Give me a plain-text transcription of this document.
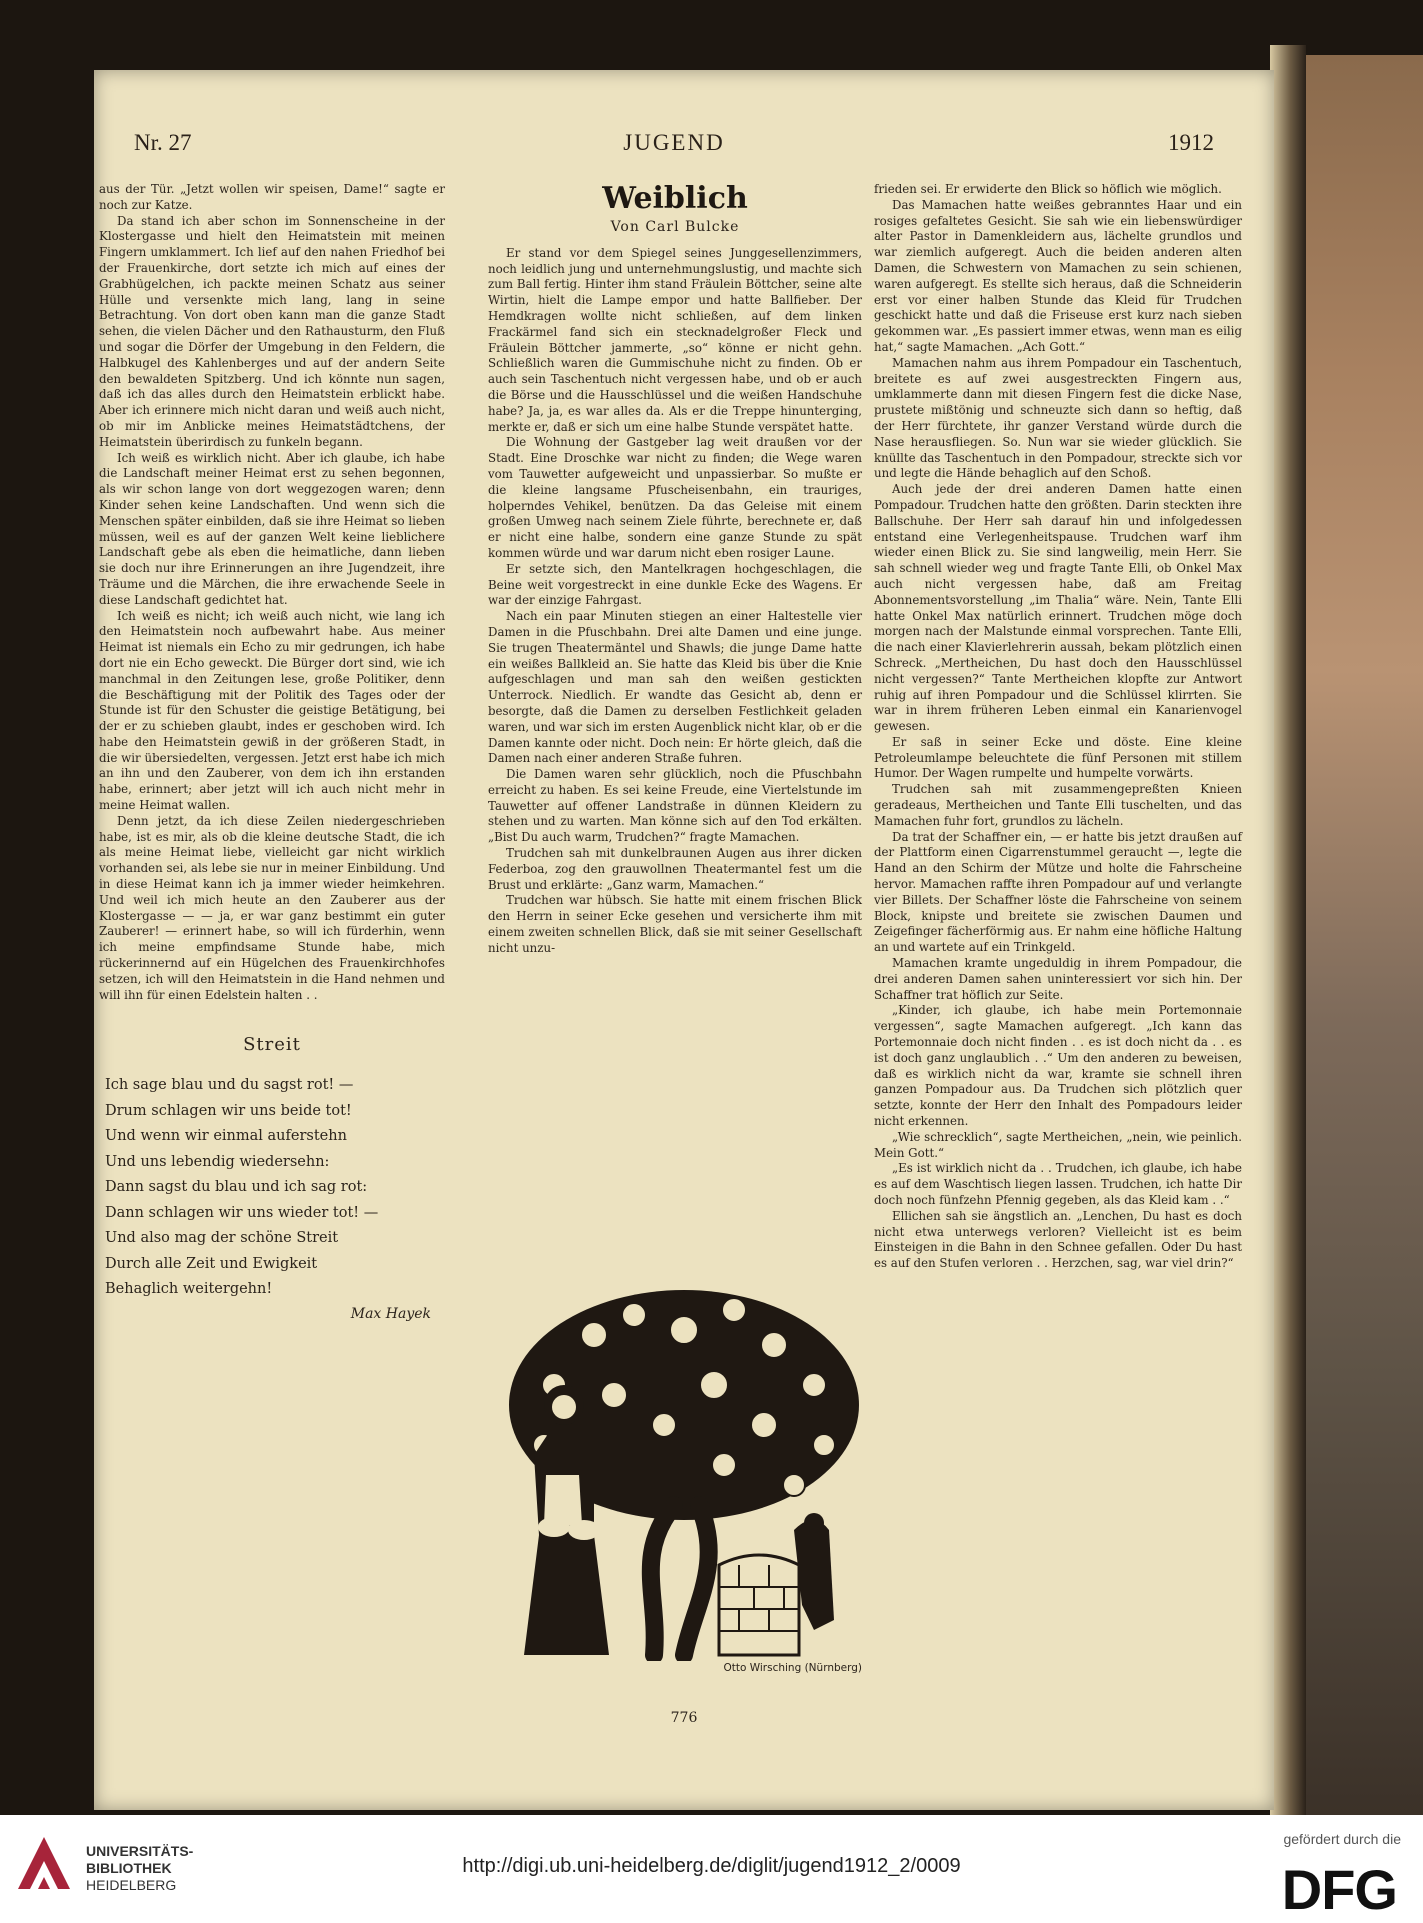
Nr. 27	JUGEND	1912

aus der Tür. „Jetzt wollen wir speisen, Dame!“ sagte er noch zur Katze.

Da stand ich aber schon im Sonnenscheine in der Klostergasse und hielt den Heimatstein mit meinen Fingern umklammert. Ich lief auf den nahen Friedhof bei der Frauenkirche, dort setzte ich mich auf eines der Grabhügelchen, ich packte meinen Schatz aus seiner Hülle und versenkte mich lang, lang in seine Betrachtung. Von dort oben kann man die ganze Stadt sehen, die vielen Dächer und den Rathausturm, den Fluß und sogar die Dörfer der Umgebung in den Feldern, die Halbkugel des Kahlenberges und auf der andern Seite den bewaldeten Spitzberg. Und ich könnte nun sagen, daß ich das alles durch den Heimatstein erblickt habe. Aber ich erinnere mich nicht daran und weiß auch nicht, ob mir im Anblicke meines Heimatstädtchens, der Heimatstein überirdisch zu funkeln begann.

Ich weiß es wirklich nicht. Aber ich glaube, ich habe die Landschaft meiner Heimat erst zu sehen begonnen, als wir schon lange von dort weggezogen waren; denn Kinder sehen keine Landschaften. Und wenn sich die Menschen später einbilden, daß sie ihre Heimat so lieben müssen, weil es auf der ganzen Welt keine lieblichere Landschaft gebe als eben die heimatliche, dann lieben sie doch nur ihre Erinnerungen an ihre Jugendzeit, ihre Träume und die Märchen, die ihre erwachende Seele in diese Landschaft gedichtet hat.

Ich weiß es nicht; ich weiß auch nicht, wie lang ich den Heimatstein noch aufbewahrt habe. Aus meiner Heimat ist niemals ein Echo zu mir gedrungen, ich habe dort nie ein Echo geweckt. Die Bürger dort sind, wie ich manchmal in den Zeitungen lese, große Politiker, denn die Beschäftigung mit der Politik des Tages oder der Stunde ist für den Schuster die geistige Betätigung, bei der er zu schieben glaubt, indes er geschoben wird. Ich habe den Heimatstein gewiß in der größeren Stadt, in die wir übersiedelten, vergessen. Jetzt erst habe ich mich an ihn und den Zauberer, von dem ich ihn erstanden habe, erinnert; aber jetzt will ich auch nicht mehr in meine Heimat wallen.

Denn jetzt, da ich diese Zeilen niedergeschrieben habe, ist es mir, als ob die kleine deutsche Stadt, die ich als meine Heimat liebe, vielleicht gar nicht wirklich vorhanden sei, als lebe sie nur in meiner Einbildung. Und in diese Heimat kann ich ja immer wieder heimkehren. Und weil ich mich heute an den Zauberer aus der Klostergasse — — ja, er war ganz bestimmt ein guter Zauberer! — erinnert habe, so will ich fürderhin, wenn ich meine empfindsame Stunde habe, mich rückerinnernd auf ein Hügelchen des Frauenkirchhofes setzen, ich will den Heimatstein in die Hand nehmen und will ihn für einen Edelstein halten . .

Streit
Ich sage blau und du sagst rot! —
Drum schlagen wir uns beide tot!
Und wenn wir einmal auferstehn
Und uns lebendig wiedersehn:
Dann sagst du blau und ich sag rot:
Dann schlagen wir uns wieder tot! —
Und also mag der schöne Streit
Durch alle Zeit und Ewigkeit
Behaglich weitergehn!
Max Hayek
Weiblich
Von Carl Bulcke

Er stand vor dem Spiegel seines Junggesellenzimmers, noch leidlich jung und unternehmungslustig, und machte sich zum Ball fertig. Hinter ihm stand Fräulein Böttcher, seine alte Wirtin, hielt die Lampe empor und hatte Ballfieber. Der Hemdkragen wollte nicht schließen, auf dem linken Frackärmel fand sich ein stecknadelgroßer Fleck und Fräulein Böttcher jammerte, „so“ könne er nicht gehn. Schließlich waren die Gummischuhe nicht zu finden. Ob er auch sein Taschentuch nicht vergessen habe, und ob er auch die Börse und die Hausschlüssel und die weißen Handschuhe habe? Ja, ja, es war alles da. Als er die Treppe hinunterging, merkte er, daß er sich um eine halbe Stunde verspätet hatte.

Die Wohnung der Gastgeber lag weit draußen vor der Stadt. Eine Droschke war nicht zu finden; die Wege waren vom Tauwetter aufgeweicht und unpassierbar. So mußte er die kleine langsame Pfuscheisenbahn, ein trauriges, holperndes Vehikel, benützen. Da das Geleise mit einem großen Umweg nach seinem Ziele führte, berechnete er, daß er nicht eine halbe, sondern eine ganze Stunde zu spät kommen würde und war darum nicht eben rosiger Laune.

Er setzte sich, den Mantelkragen hochgeschlagen, die Beine weit vorgestreckt in eine dunkle Ecke des Wagens. Er war der einzige Fahrgast.

Nach ein paar Minuten stiegen an einer Haltestelle vier Damen in die Pfuschbahn. Drei alte Damen und eine junge. Sie trugen Theatermäntel und Shawls; die junge Dame hatte ein weißes Ballkleid an. Sie hatte das Kleid bis über die Knie aufgeschlagen und man sah den weißen gestickten Unterrock. Niedlich. Er wandte das Gesicht ab, denn er besorgte, daß die Damen zu derselben Festlichkeit geladen waren, und war sich im ersten Augenblick nicht klar, ob er die Damen kannte oder nicht. Doch nein: Er hörte gleich, daß die Damen nach einer anderen Straße fuhren.

Die Damen waren sehr glücklich, noch die Pfuschbahn erreicht zu haben. Es sei keine Freude, eine Viertelstunde im Tauwetter auf offener Landstraße in dünnen Kleidern zu stehen und zu warten. Man könne sich auf den Tod erkälten. „Bist Du auch warm, Trudchen?“ fragte Mamachen.

Trudchen sah mit dunkelbraunen Augen aus ihrer dicken Federboa, zog den grauwollnen Theatermantel fest um die Brust und erklärte: „Ganz warm, Mamachen.“

Trudchen war hübsch. Sie hatte mit einem frischen Blick den Herrn in seiner Ecke gesehen und versicherte ihm mit einem zweiten schnellen Blick, daß sie mit seiner Gesellschaft nicht unzu-

frieden sei. Er erwiderte den Blick so höflich wie möglich.

Das Mamachen hatte weißes gebranntes Haar und ein rosiges gefaltetes Gesicht. Sie sah wie ein liebenswürdiger alter Pastor in Damenkleidern aus, lächelte grundlos und war ziemlich aufgeregt. Auch die beiden anderen alten Damen, die Schwestern von Mamachen zu sein schienen, waren aufgeregt. Es stellte sich heraus, daß die Schneiderin erst vor einer halben Stunde das Kleid für Trudchen geschickt hatte und daß die Friseuse erst kurz nach sieben gekommen war. „Es passiert immer etwas, wenn man es eilig hat,“ sagte Mamachen. „Ach Gott.“

Mamachen nahm aus ihrem Pompadour ein Taschentuch, breitete es auf zwei ausgestreckten Fingern aus, umklammerte dann mit diesen Fingern fest die dicke Nase, prustete mißtönig und schneuzte sich dann so heftig, daß der Herr fürchtete, ihr ganzer Verstand würde durch die Nase herausfliegen. So. Nun war sie wieder glücklich. Sie knüllte das Taschentuch in den Pompadour, streckte sich vor und legte die Hände behaglich auf den Schoß.

Auch jede der drei anderen Damen hatte einen Pompadour. Trudchen hatte den größten. Darin steckten ihre Ballschuhe. Der Herr sah darauf hin und infolgedessen entstand eine Verlegenheitspause. Trudchen warf ihm wieder einen Blick zu. Sie sind langweilig, mein Herr. Sie sah schnell wieder weg und fragte Tante Elli, ob Onkel Max auch nicht vergessen habe, daß am Freitag Abonnementsvorstellung „im Thalia“ wäre. Nein, Tante Elli hatte Onkel Max natürlich erinnert. Trudchen möge doch morgen nach der Malstunde einmal vorsprechen. Tante Elli, die nach einer Klavierlehrerin aussah, bekam plötzlich einen Schreck. „Mertheichen, Du hast doch den Hausschlüssel nicht vergessen?“ Tante Mertheichen klopfte zur Antwort ruhig auf ihren Pompadour und die Schlüssel klirrten. Sie war in ihrem früheren Leben einmal ein Kanarienvogel gewesen.

Er saß in seiner Ecke und döste. Eine kleine Petroleumlampe beleuchtete die fünf Personen mit stillem Humor. Der Wagen rumpelte und humpelte vorwärts.

Trudchen sah mit zusammengepreßten Knieen geradeaus, Mertheichen und Tante Elli tuschelten, und das Mamachen fuhr fort, grundlos zu lächeln.

Da trat der Schaffner ein, — er hatte bis jetzt draußen auf der Plattform einen Cigarrenstummel geraucht —, legte die Hand an den Schirm der Mütze und holte die Fahrscheine hervor. Mamachen raffte ihren Pompadour auf und verlangte vier Billets. Der Schaffner löste die Fahrscheine von seinem Block, knipste und breitete sie zwischen Daumen und Zeigefinger fächerförmig aus. Er nahm eine höfliche Haltung an und wartete auf ein Trinkgeld.

Mamachen kramte ungeduldig in ihrem Pompadour, die drei anderen Damen sahen uninteressiert vor sich hin. Der Schaffner trat höflich zur Seite.

„Kinder, ich glaube, ich habe mein Portemonnaie vergessen“, sagte Mamachen aufgeregt. „Ich kann das Portemonnaie doch nicht finden . . es ist doch nicht da . . es ist doch ganz unglaublich . .“ Um den anderen zu beweisen, daß es wirklich nicht da war, kramte sie schnell ihren ganzen Pompadour aus. Da Trudchen sich plötzlich quer setzte, konnte der Herr den Inhalt des Pompadours leider nicht erkennen.

„Wie schrecklich“, sagte Mertheichen, „nein, wie peinlich. Mein Gott.“

„Es ist wirklich nicht da . . Trudchen, ich glaube, ich habe es auf dem Waschtisch liegen lassen. Trudchen, ich hatte Dir doch noch fünfzehn Pfennig gegeben, als das Kleid kam . .“

Ellichen sah sie ängstlich an. „Lenchen, Du hast es doch nicht etwa unterwegs verloren? Vielleicht ist es beim Einsteigen in die Bahn in den Schnee gefallen. Oder Du hast es auf den Stufen verloren . . Herzchen, sag, war viel drin?“

Otto Wirsching (Nürnberg)
776
UNIVERSITÄTS-
BIBLIOTHEK
HEIDELBERG
http://digi.ub.uni-heidelberg.de/diglit/jugend1912_2/0009
gefördert durch die
DFG
